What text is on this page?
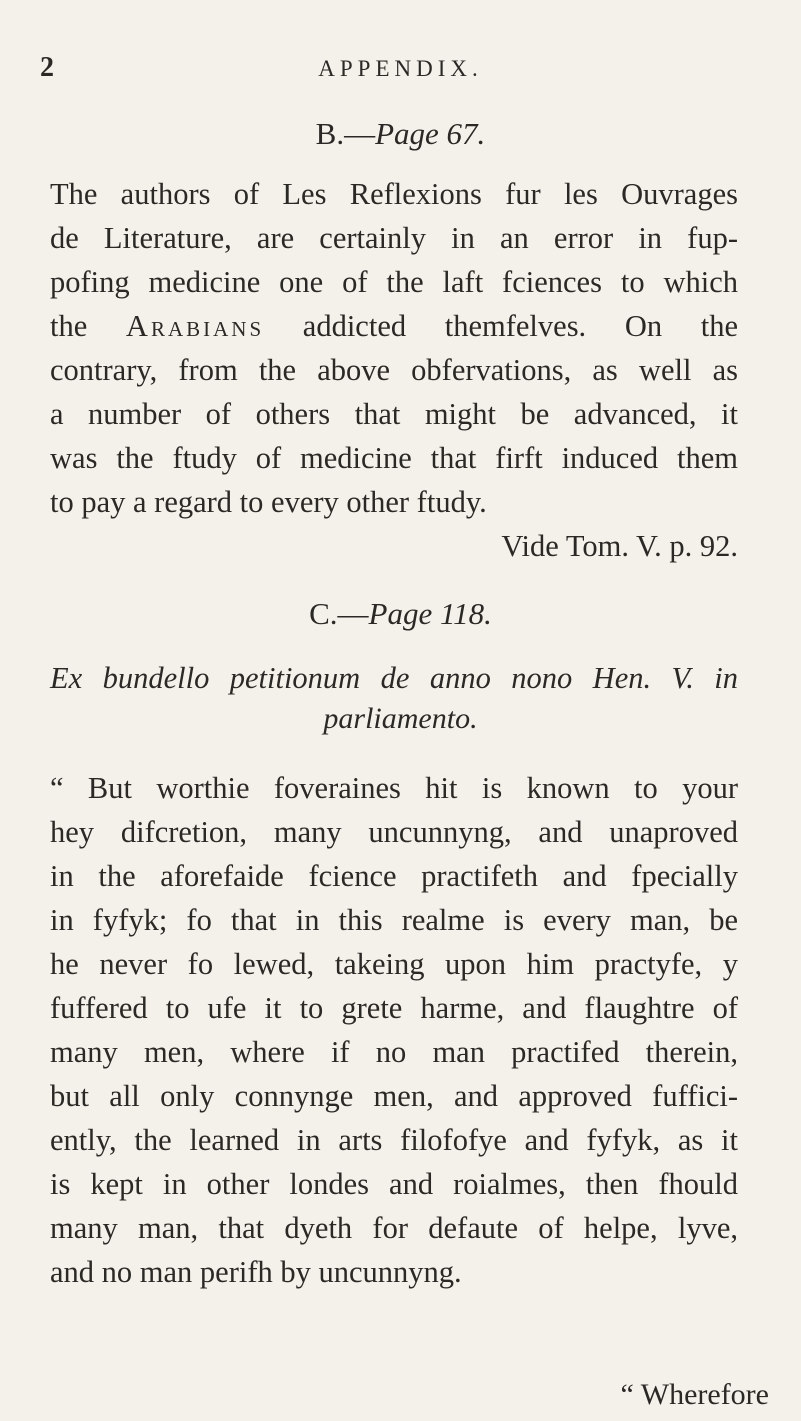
2	APPENDIX.
B.—Page 67.
The authors of Les Reflexions fur les Ouvrages
de Literature, are certainly in an error in fup-
pofing medicine one of the laft fciences to which
the Arabians addicted themfelves. On the
contrary, from the above obfervations, as well as
a number of others that might be advanced, it
was the ftudy of medicine that firft induced them
to pay a regard to every other ftudy.
Vide Tom. V. p. 92.
C.—Page 118.
Ex bundello petitionum de anno nono Hen. V. in
parliamento.
“ But worthie foveraines hit is known to your
hey difcretion, many uncunnyng, and unaproved
in the aforefaide fcience practifeth and fpecially
in fyfyk; fo that in this realme is every man, be
he never fo lewed, takeing upon him practyfe, y
fuffered to ufe it to grete harme, and flaughtre of
many men, where if no man practifed therein,
but all only connynge men, and approved fuffici-
ently, the learned in arts filofofye and fyfyk, as it
is kept in other londes and roialmes, then fhould
many man, that dyeth for defaute of helpe, lyve,
and no man perifh by uncunnyng.
“ Wherefore
